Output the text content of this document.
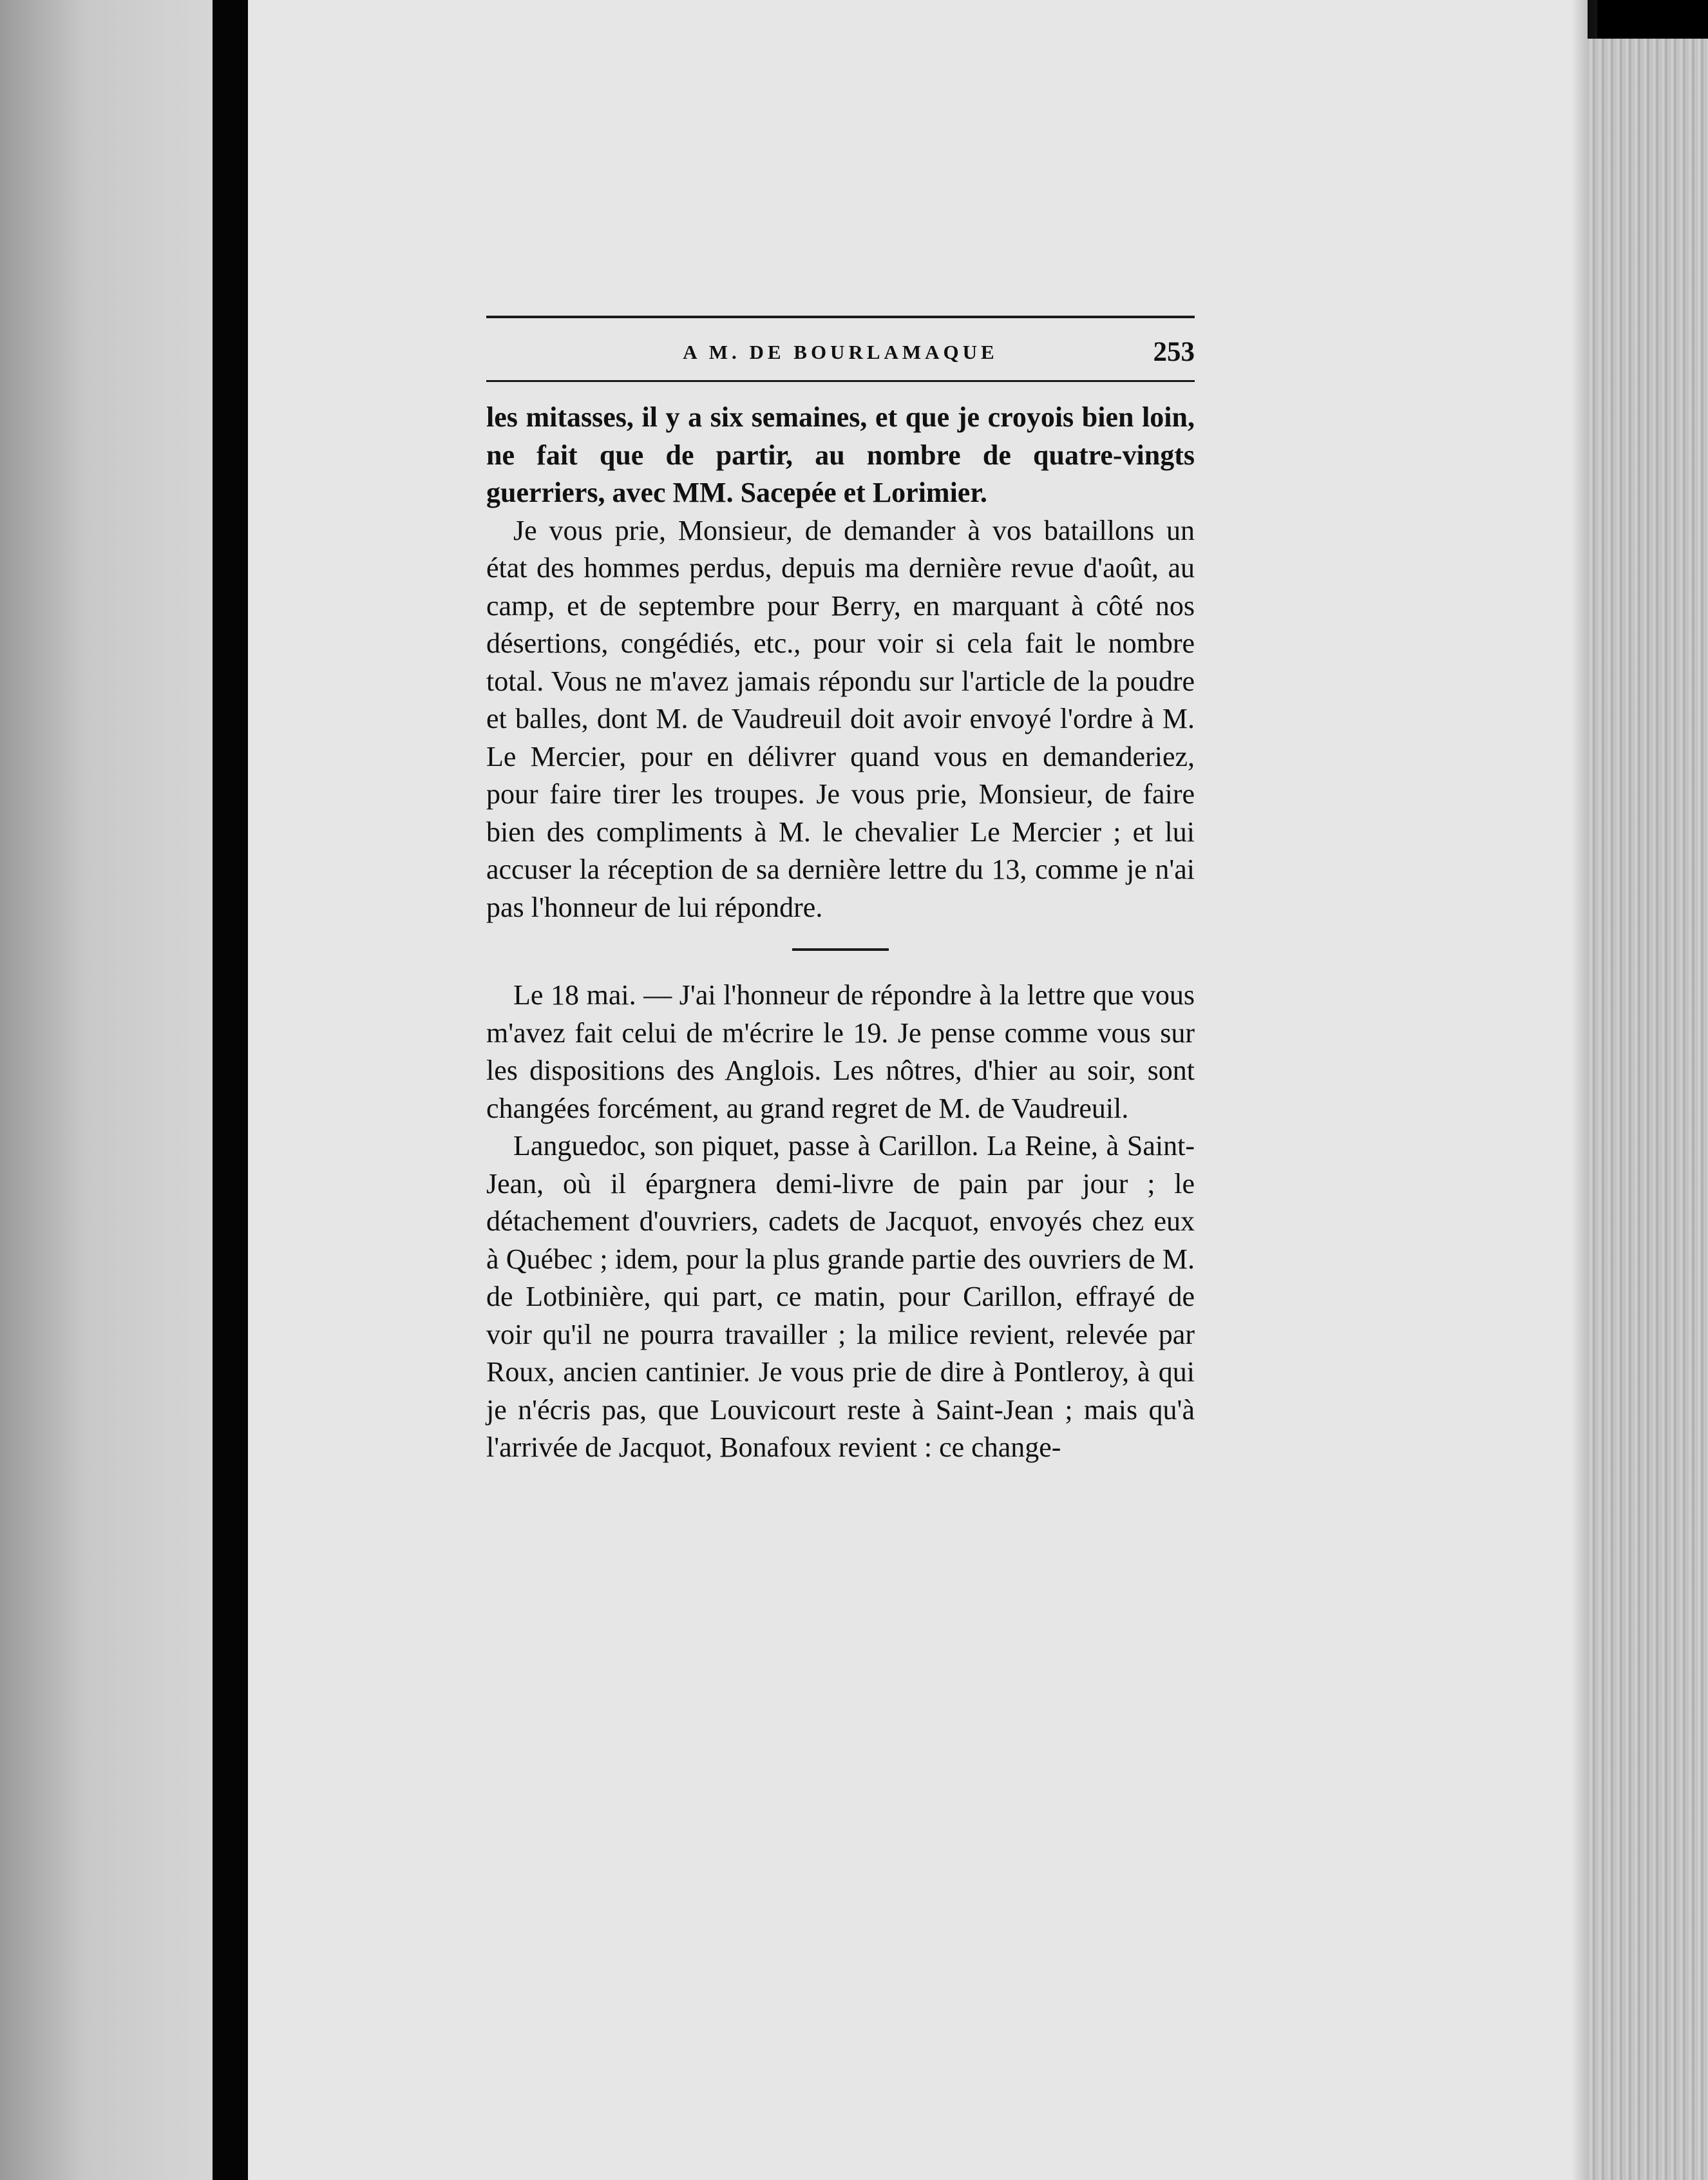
A M. DE BOURLAMAQUE	253

les mitasses, il y a six semaines, et que je croyois bien loin, ne fait que de partir, au nombre de quatre-vingts guerriers, avec MM. Sacepée et Lorimier.

Je vous prie, Monsieur, de demander à vos bataillons un état des hommes perdus, depuis ma dernière revue d'août, au camp, et de septembre pour Berry, en marquant à côté nos désertions, congédiés, etc., pour voir si cela fait le nombre total. Vous ne m'avez jamais répondu sur l'article de la poudre et balles, dont M. de Vaudreuil doit avoir envoyé l'ordre à M. Le Mercier, pour en délivrer quand vous en demanderiez, pour faire tirer les troupes. Je vous prie, Monsieur, de faire bien des compliments à M. le chevalier Le Mercier ; et lui accuser la réception de sa dernière lettre du 13, comme je n'ai pas l'honneur de lui répondre.

Le 18 mai. — J'ai l'honneur de répondre à la lettre que vous m'avez fait celui de m'écrire le 19. Je pense comme vous sur les dispositions des Anglois. Les nôtres, d'hier au soir, sont changées forcément, au grand regret de M. de Vaudreuil.

Languedoc, son piquet, passe à Carillon. La Reine, à Saint-Jean, où il épargnera demi-livre de pain par jour ; le détachement d'ouvriers, cadets de Jacquot, envoyés chez eux à Québec ; idem, pour la plus grande partie des ouvriers de M. de Lotbinière, qui part, ce matin, pour Carillon, effrayé de voir qu'il ne pourra travailler ; la milice revient, relevée par Roux, ancien cantinier. Je vous prie de dire à Pontleroy, à qui je n'écris pas, que Louvicourt reste à Saint-Jean ; mais qu'à l'arrivée de Jacquot, Bonafoux revient : ce change-
